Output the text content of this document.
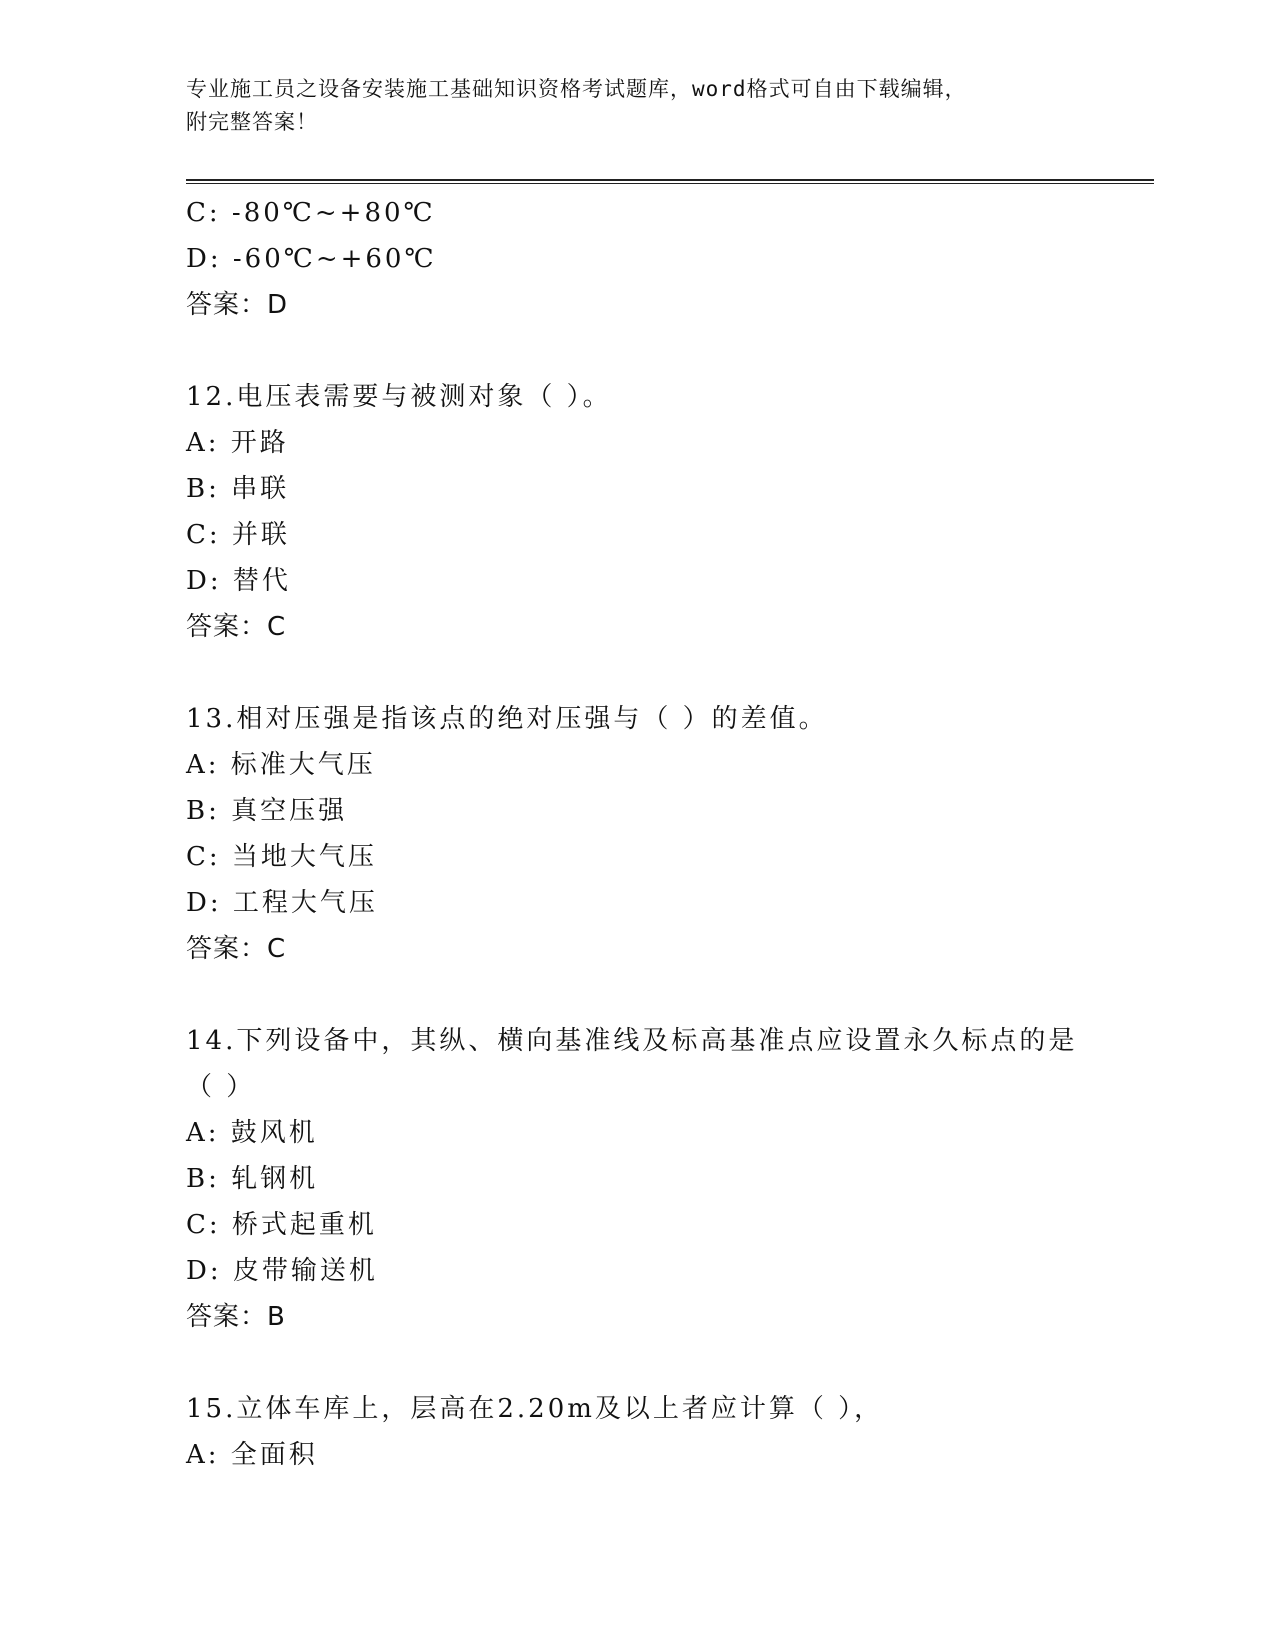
专业施工员之设备安装施工基础知识资格考试题库，word格式可自由下载编辑，
附完整答案！
C: -80℃~+80℃
D: -60℃~+60℃
答案：D
12.电压表需要与被测对象（ ）。
A: 开路
B: 串联
C: 并联
D: 替代
答案：C
13.相对压强是指该点的绝对压强与（ ）的差值。
A: 标准大气压
B: 真空压强
C: 当地大气压
D: 工程大气压
答案：C
14.下列设备中，其纵、横向基准线及标高基准点应设置永久标点的是
（ ）
A: 鼓风机
B: 轧钢机
C: 桥式起重机
D: 皮带输送机
答案：B
15.立体车库上，层高在2.20m及以上者应计算（ ），
A: 全面积
